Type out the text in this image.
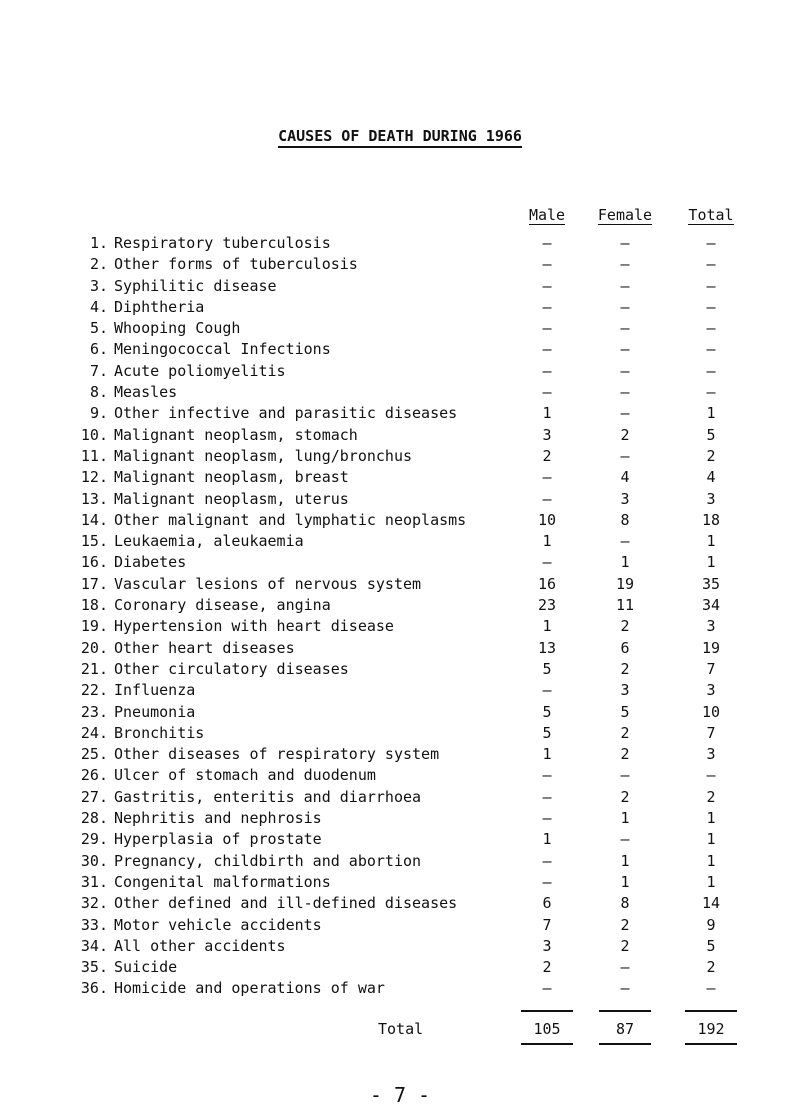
CAUSES OF DEATH DURING 1966
Male	Female	Total
1. Respiratory tuberculosis	–	–	–
2. Other forms of tuberculosis	–	–	–
3. Syphilitic disease	–	–	–
4. Diphtheria	–	–	–
5. Whooping Cough	–	–	–
6. Meningococcal Infections	–	–	–
7. Acute poliomyelitis	–	–	–
8. Measles	–	–	–
9. Other infective and parasitic diseases	1	–	1
10. Malignant neoplasm, stomach	3	2	5
11. Malignant neoplasm, lung/bronchus	2	–	2
12. Malignant neoplasm, breast	–	4	4
13. Malignant neoplasm, uterus	–	3	3
14. Other malignant and lymphatic neoplasms	10	8	18
15. Leukaemia, aleukaemia	1	–	1
16. Diabetes	–	1	1
17. Vascular lesions of nervous system	16	19	35
18. Coronary disease, angina	23	11	34
19. Hypertension with heart disease	1	2	3
20. Other heart diseases	13	6	19
21. Other circulatory diseases	5	2	7
22. Influenza	–	3	3
23. Pneumonia	5	5	10
24. Bronchitis	5	2	7
25. Other diseases of respiratory system	1	2	3
26. Ulcer of stomach and duodenum	–	–	–
27. Gastritis, enteritis and diarrhoea	–	2	2
28. Nephritis and nephrosis	–	1	1
29. Hyperplasia of prostate	1	–	1
30. Pregnancy, childbirth and abortion	–	1	1
31. Congenital malformations	–	1	1
32. Other defined and ill-defined diseases	6	8	14
33. Motor vehicle accidents	7	2	9
34. All other accidents	3	2	5
35. Suicide	2	–	2
36. Homicide and operations of war	–	–	–
Total	105	87	192
- 7 -
